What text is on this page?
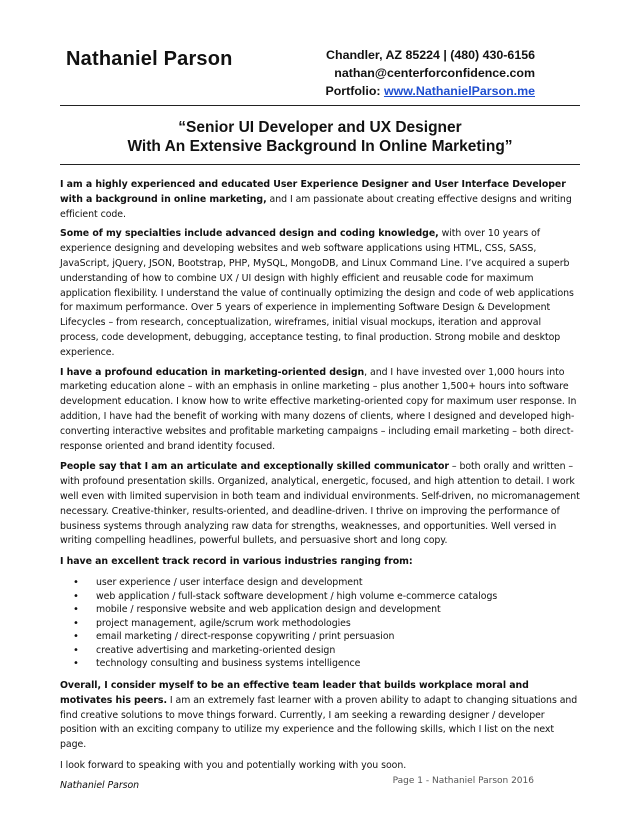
Nathaniel Parson	Chandler, AZ 85224 | (480) 430-6156
nathan@centerforconfidence.com
Portfolio: www.NathanielParson.me
“Senior UI Developer and UX Designer
With An Extensive Background In Online Marketing”

I am a highly experienced and educated User Experience Designer and User Interface Developer with a background in online marketing, and I am passionate about creating effective designs and writing efficient code.

Some of my specialties include advanced design and coding knowledge, with over 10 years of experience designing and developing websites and web software applications using HTML, CSS, SASS, JavaScript, jQuery, JSON, Bootstrap, PHP, MySQL, MongoDB, and Linux Command Line. I’ve acquired a superb understanding of how to combine UX / UI design with highly efficient and reusable code for maximum application flexibility. I understand the value of continually optimizing the design and code of web applications for maximum performance. Over 5 years of experience in implementing Software Design & Development Lifecycles – from research, conceptualization, wireframes, initial visual mockups, iteration and approval process, code development, debugging, acceptance testing, to final production. Strong mobile and desktop experience.

I have a profound education in marketing-oriented design, and I have invested over 1,000 hours into marketing education alone – with an emphasis in online marketing – plus another 1,500+ hours into software development education. I know how to write effective marketing-oriented copy for maximum user response. In addition, I have had the benefit of working with many dozens of clients, where I designed and developed high-converting interactive websites and profitable marketing campaigns – including email marketing – both direct-response oriented and brand identity focused.

People say that I am an articulate and exceptionally skilled communicator – both orally and written – with profound presentation skills. Organized, analytical, energetic, focused, and high attention to detail. I work well even with limited supervision in both team and individual environments. Self-driven, no micromanagement necessary. Creative-thinker, results-oriented, and deadline-driven. I thrive on improving the performance of business systems through analyzing raw data for strengths, weaknesses, and opportunities. Well versed in writing compelling headlines, powerful bullets, and persuasive short and long copy.

I have an excellent track record in various industries ranging from:

• user experience / user interface design and development
• web application / full-stack software development / high volume e-commerce catalogs
• mobile / responsive website and web application design and development
• project management, agile/scrum work methodologies
• email marketing / direct-response copywriting / print persuasion
• creative advertising and marketing-oriented design
• technology consulting and business systems intelligence

Overall, I consider myself to be an effective team leader that builds workplace moral and motivates his peers. I am an extremely fast learner with a proven ability to adapt to changing situations and find creative solutions to move things forward. Currently, I am seeking a rewarding designer / developer position with an exciting company to utilize my experience and the following skills, which I list on the next page.

I look forward to speaking with you and potentially working with you soon.

Nathaniel Parson	Page 1 - Nathaniel Parson 2016
